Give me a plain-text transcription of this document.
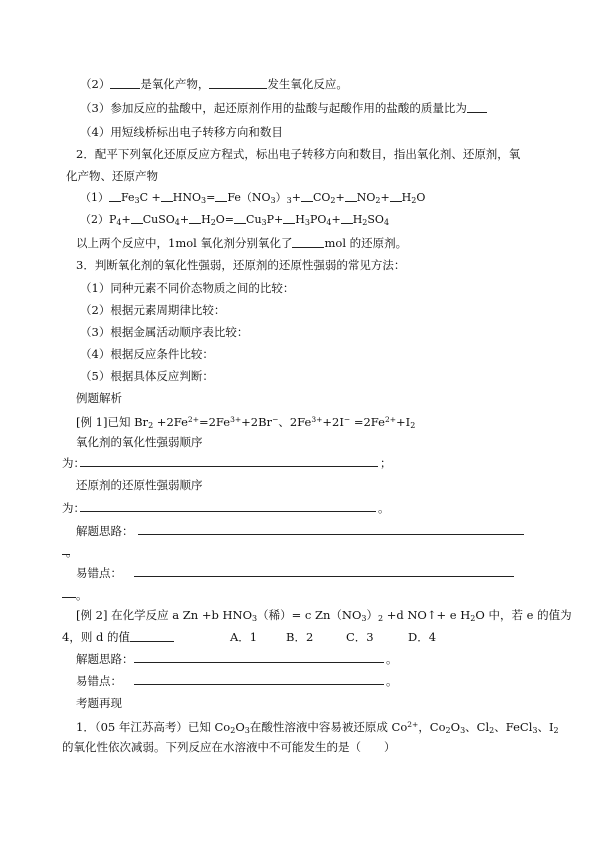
（2）	是氧化产物，	发生氧化反应。
（3）参加反应的盐酸中，起还原剂作用的盐酸与起酸作用的盐酸的质量比为
（4）用短线桥标出电子转移方向和数目
2．配平下列氧化还原反应方程式，标出电子转移方向和数目，指出氧化剂、还原剂，氧
化产物、还原产物
（1） $Fe_3C + HNO_3= Fe(NO_3)_3+ CO_2+ NO_2+ H_2O$
$(2)P_4+$ CuSO$_4$+ $H_2O= Cu_3P+ H_3PO_4+ H_2SO_4$
以上两个反应中，1mol 氧化剂分别氧化了	mol 的还原剂。
3．判断氧化剂的氧化性强弱，还原剂的还原性强弱的常见方法：
（1）同种元素不同价态物质之间的比较：
（2）根据元素周期律比较：
（3）根据金属活动顺序表比较：
（4）根据反应条件比较：
（5）根据具体反应判断：
例题解析
[例 1]已知 $Br_2 +2Fe^{2+}=2Fe^{3+}+2Br^-$、$2Fe^{3+}+2I^- =2Fe^{2+}+I_2$
氧化剂的氧化性强弱顺序
为：	；
还原剂的还原性强弱顺序
为：	。
解题思路：
。
易错点：
。
[例 2] 在化学反应 a Zn +b $HNO_3$（稀）= c $Zn(NO_3)_2 +d$ NO↑+ e $H_2O$ 中，若 e 的值为
4，则 d 的值	A．1	B．2	C．3	D．4
解题思路：	。
易错点：	。
考题再现
1．（05 年江苏高考）已知 $Co_2O_3$在酸性溶液中容易被还原成 $Co^{2+}$，$Co_2O_3$、$Cl_2$、FeCl$_3$、$I_2$
的氧化性依次减弱。下列反应在水溶液中不可能发生的是（　　）
